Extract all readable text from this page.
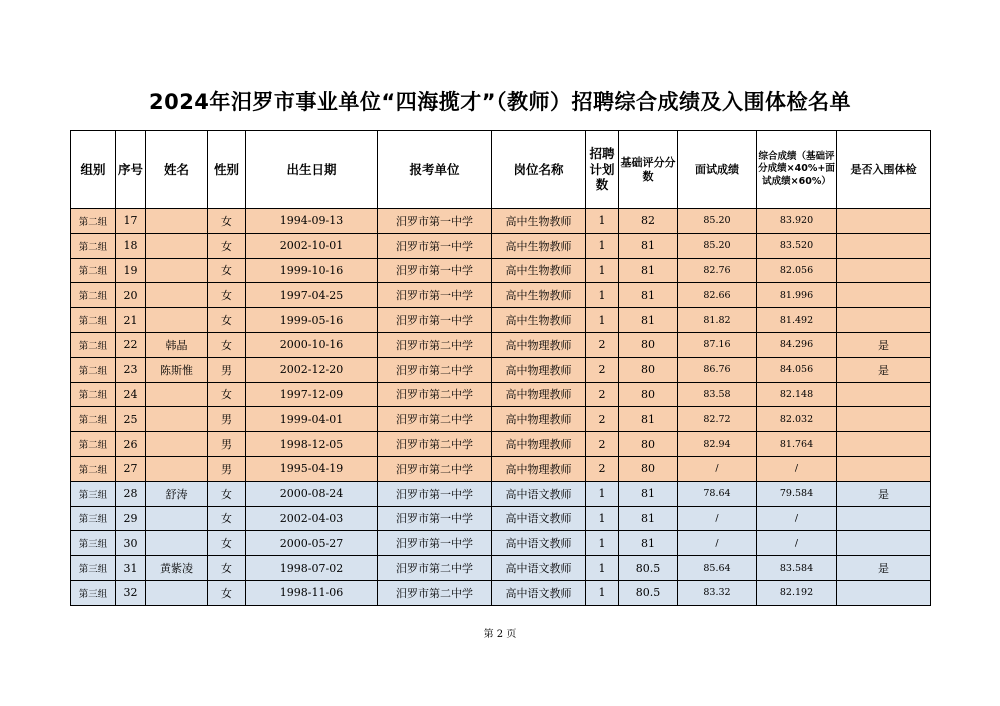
2024年汨罗市事业单位“四海揽才”（教师）招聘综合成绩及入围体检名单
组别	序号	姓名	性别	出生日期	报考单位	岗位名称	招聘计划数	基础评分分数	面试成绩	综合成绩（基础评分成绩×40%+面试成绩×60%）	是否入围体检
第二组	17		女	1994-09-13	汨罗市第一中学	高中生物教师	1	82	85.20	83.920	
第二组	18		女	2002-10-01	汨罗市第一中学	高中生物教师	1	81	85.20	83.520	
第二组	19		女	1999-10-16	汨罗市第一中学	高中生物教师	1	81	82.76	82.056	
第二组	20		女	1997-04-25	汨罗市第一中学	高中生物教师	1	81	82.66	81.996	
第二组	21		女	1999-05-16	汨罗市第一中学	高中生物教师	1	81	81.82	81.492	
第二组	22	韩晶	女	2000-10-16	汨罗市第二中学	高中物理教师	2	80	87.16	84.296	是
第二组	23	陈斯惟	男	2002-12-20	汨罗市第二中学	高中物理教师	2	80	86.76	84.056	是
第二组	24		女	1997-12-09	汨罗市第二中学	高中物理教师	2	80	83.58	82.148	
第二组	25		男	1999-04-01	汨罗市第二中学	高中物理教师	2	81	82.72	82.032	
第二组	26		男	1998-12-05	汨罗市第二中学	高中物理教师	2	80	82.94	81.764	
第二组	27		男	1995-04-19	汨罗市第二中学	高中物理教师	2	80	/	/	
第三组	28	舒涛	女	2000-08-24	汨罗市第一中学	高中语文教师	1	81	78.64	79.584	是
第三组	29		女	2002-04-03	汨罗市第一中学	高中语文教师	1	81	/	/	
第三组	30		女	2000-05-27	汨罗市第一中学	高中语文教师	1	81	/	/	
第三组	31	黄紫凌	女	1998-07-02	汨罗市第二中学	高中语文教师	1	80.5	85.64	83.584	是
第三组	32		女	1998-11-06	汨罗市第二中学	高中语文教师	1	80.5	83.32	82.192	
第 2 页
